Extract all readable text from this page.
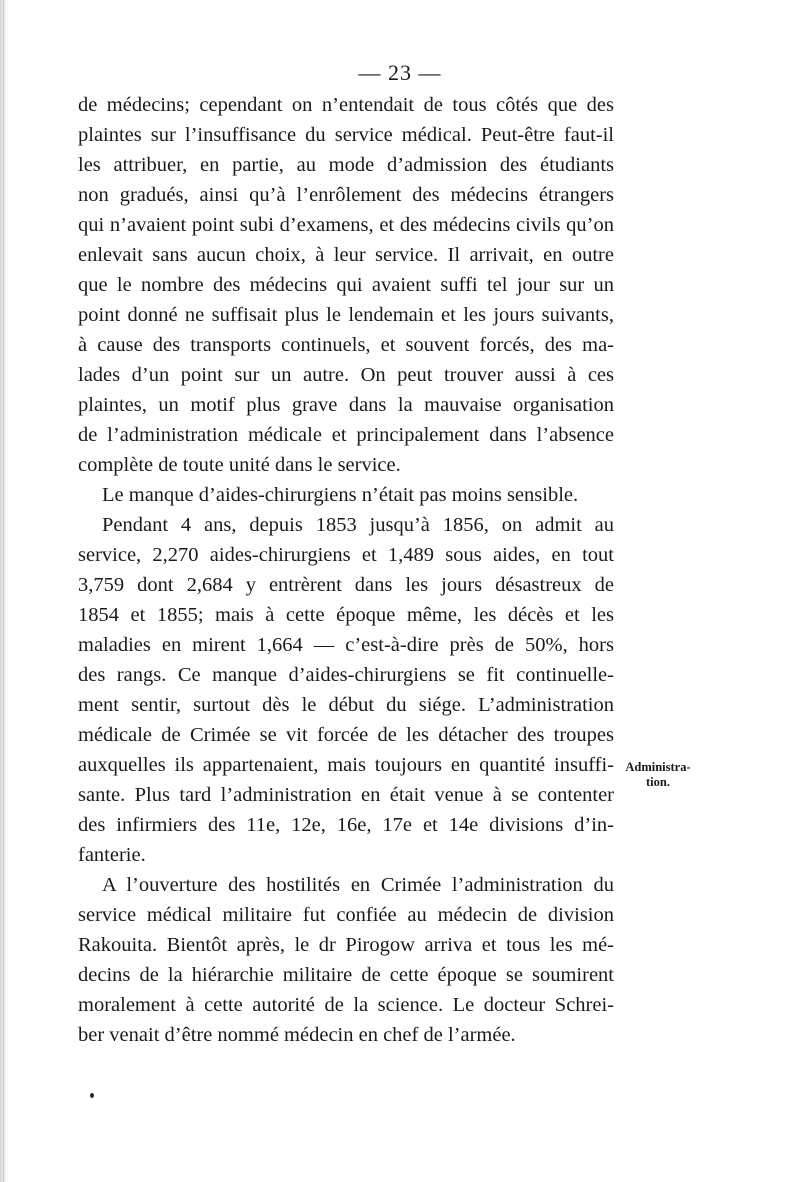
— 23 —
de médecins; cependant on n’entendait de tous côtés que des
plaintes sur l’insuffisance du service médical. Peut-être faut-il
les attribuer, en partie, au mode d’admission des étudiants
non gradués, ainsi qu’à l’enrôlement des médecins étrangers
qui n’avaient point subi d’examens, et des médecins civils qu’on
enlevait sans aucun choix, à leur service. Il arrivait, en outre
que le nombre des médecins qui avaient suffi tel jour sur un
point donné ne suffisait plus le lendemain et les jours suivants,
à cause des transports continuels, et souvent forcés, des ma-
lades d’un point sur un autre. On peut trouver aussi à ces
plaintes, un motif plus grave dans la mauvaise organisation
de l’administration médicale et principalement dans l’absence
complète de toute unité dans le service.
Le manque d’aides-chirurgiens n’était pas moins sensible.
Pendant 4 ans, depuis 1853 jusqu’à 1856, on admit au
service, 2,270 aides-chirurgiens et 1,489 sous aides, en tout
3,759 dont 2,684 y entrèrent dans les jours désastreux de
1854 et 1855; mais à cette époque même, les décès et les
maladies en mirent 1,664 — c’est-à-dire près de 50%, hors
des rangs. Ce manque d’aides-chirurgiens se fit continuelle-
ment sentir, surtout dès le début du siége. L’administration
médicale de Crimée se vit forcée de les détacher des troupes
auxquelles ils appartenaient, mais toujours en quantité insuffi-
sante. Plus tard l’administration en était venue à se contenter
des infirmiers des 11e, 12e, 16e, 17e et 14e divisions d’in-
fanterie.
A l’ouverture des hostilités en Crimée l’administration du
service médical militaire fut confiée au médecin de division
Rakouita. Bientôt après, le dr Pirogow arriva et tous les mé-
decins de la hiérarchie militaire de cette époque se soumirent
moralement à cette autorité de la science. Le docteur Schrei-
ber venait d’être nommé médecin en chef de l’armée.
Administra-
tion.
